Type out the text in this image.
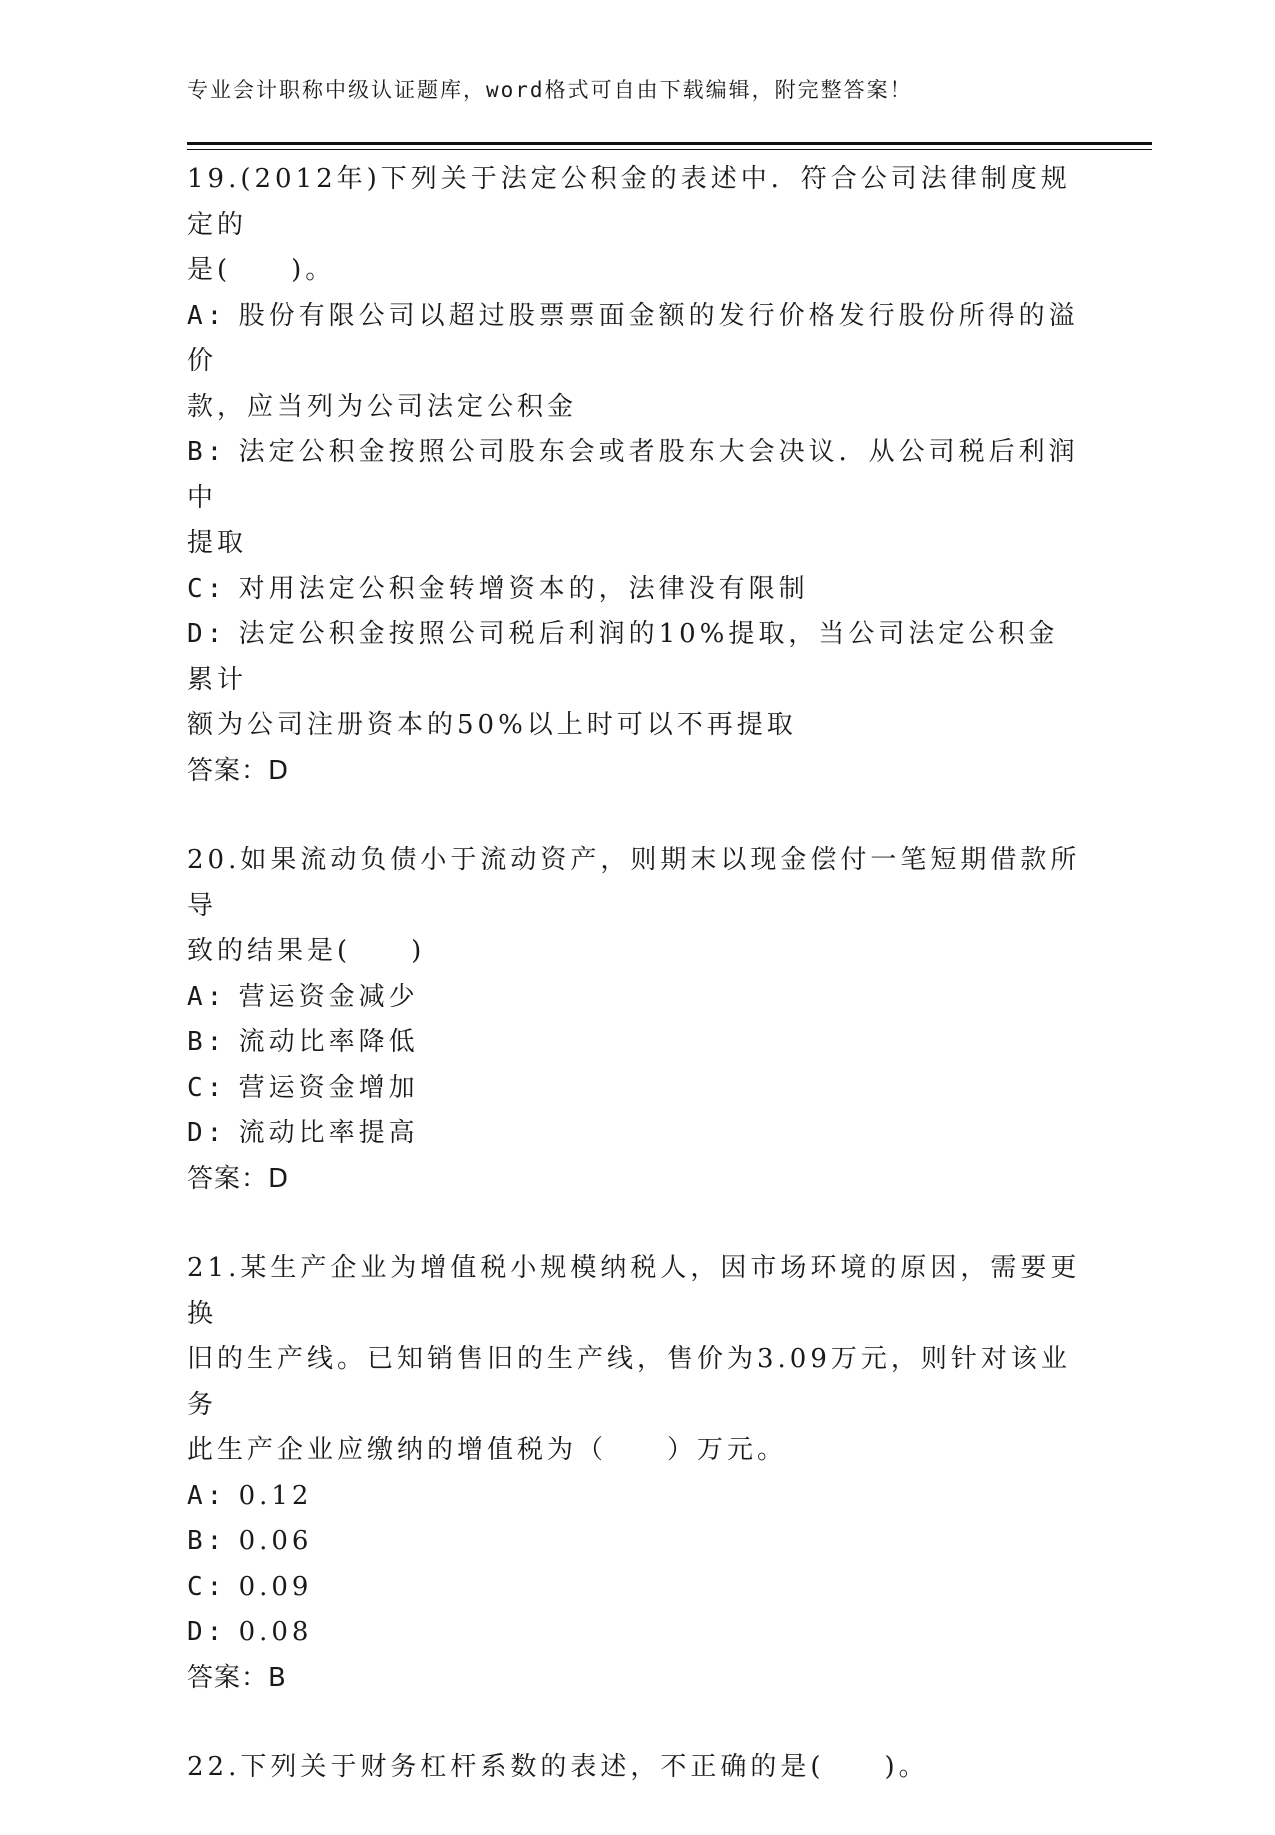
专业会计职称中级认证题库，word格式可自由下载编辑，附完整答案！
19.(2012年)下列关于法定公积金的表述中．符合公司法律制度规定的
是(　　)。
A: 股份有限公司以超过股票票面金额的发行价格发行股份所得的溢价
款，应当列为公司法定公积金
B: 法定公积金按照公司股东会或者股东大会决议．从公司税后利润中
提取
C: 对用法定公积金转增资本的，法律没有限制
D: 法定公积金按照公司税后利润的10%提取，当公司法定公积金累计
额为公司注册资本的50%以上时可以不再提取
答案：D
20.如果流动负债小于流动资产，则期末以现金偿付一笔短期借款所导
致的结果是(　　)
A: 营运资金减少
B: 流动比率降低
C: 营运资金增加
D: 流动比率提高
答案：D
21.某生产企业为增值税小规模纳税人，因市场环境的原因，需要更换
旧的生产线。已知销售旧的生产线，售价为3.09万元，则针对该业务
此生产企业应缴纳的增值税为（　　）万元。
A: 0.12
B: 0.06
C: 0.09
D: 0.08
答案：B
22.下列关于财务杠杆系数的表述，不正确的是(　　)。
